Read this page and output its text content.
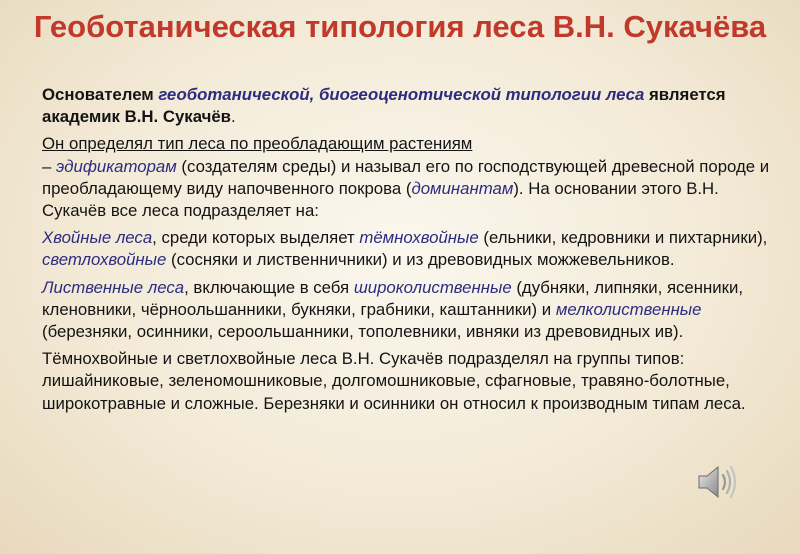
Геоботаническая типология леса В.Н. Сукачёва

Основателем геоботанической, биогеоценотической типологии леса является академик В.Н. Сукачёв.

Он определял тип леса по преобладающим растениям
– эдификаторам (создателям среды) и называл его по господствующей древесной породе и преобладающему виду напочвенного покрова (доминантам). На основании этого В.Н. Сукачёв все леса подразделяет на:

Хвойные леса, среди которых выделяет тёмнохвойные (ельники, кедровники и пихтарники), светлохвойные (сосняки и лиственничники) и из древовидных можжевельников.

Лиственные леса, включающие в себя широколиственные (дубняки, липняки, ясенники, кленовники, чёрноольшанники, букняки, грабники, каштанники) и мелколиственные (березняки, осинники, сероольшанники, тополевники, ивняки из древовидных ив).

Тёмнохвойные и светлохвойные леса В.Н. Сукачёв подразделял на группы типов: лишайниковые, зеленомошниковые, долгомошниковые, сфагновые, травяно-болотные, широкотравные и сложные. Березняки и осинники он относил к производным типам леса.
